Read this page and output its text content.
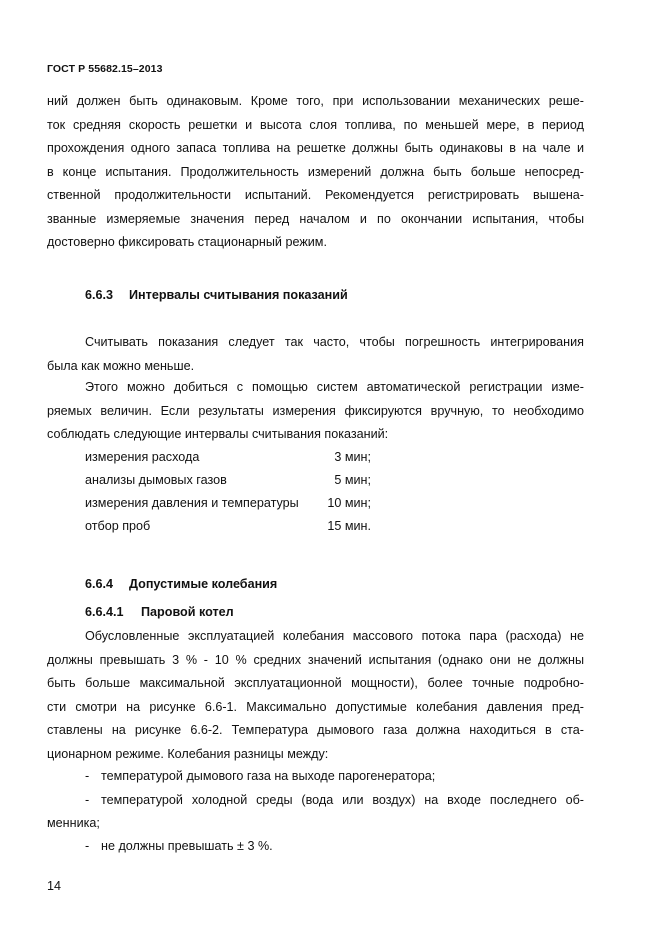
ГОСТ Р 55682.15–2013
ний должен быть одинаковым. Кроме того, при использовании механических реше-
ток средняя скорость решетки и высота слоя топлива, по меньшей мере, в период
прохождения одного запаса топлива на решетке должны быть одинаковы в на чале и
в конце испытания. Продолжительность измерений должна быть больше непосред-
ственной продолжительности испытаний. Рекомендуется регистрировать вышена-
званные измеряемые значения перед началом и по окончании испытания, чтобы
достоверно фиксировать стационарный режим.
6.6.3 Интервалы считывания показаний
Считывать показания следует так часто, чтобы погрешность интегрирования
была как можно меньше.
Этого можно добиться с помощью систем автоматической регистрации изме-
ряемых величин. Если результаты измерения фиксируются вручную, то необходимо
соблюдать следующие интервалы считывания показаний:
измерения расхода	3 мин;
анализы дымовых газов	5 мин;
измерения давления и температуры 10 мин;
отбор проб	15 мин.
6.6.4 Допустимые колебания
6.6.4.1 Паровой котел
Обусловленные эксплуатацией колебания массового потока пара (расхода) не
должны превышать 3 % - 10 % средних значений испытания (однако они не должны
быть больше максимальной эксплуатационной мощности), более точные подробно-
сти смотри на рисунке 6.6-1. Максимально допустимые колебания давления пред-
ставлены на рисунке 6.6-2. Температура дымового газа должна находиться в ста-
ционарном режиме. Колебания разницы между:
- температурой дымового газа на выходе парогенератора;
- температурой холодной среды (вода или воздух) на входе последнего об-
менника;
- не должны превышать ± 3 %.
14
